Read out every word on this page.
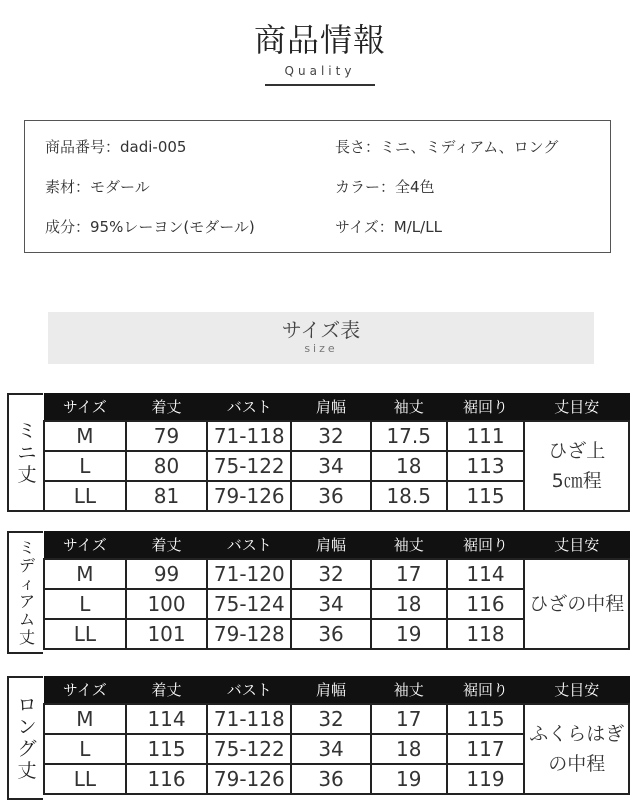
商品情報
Quality
商品番号：dadi-005	長さ：ミニ、ミディアム、ロング
素材：モダール	カラー：全4色
成分：95%レーヨン(モダール)	サイズ：M/L/LL
サイズ表
size
ミ
ニ
丈
サイズ	着丈	バスト	肩幅	袖丈	裾回り	丈目安
M	79	71-118	32	17.5	111	ひざ上
5㎝程

L	80	75-122	34	18	113	
LL	81	79-126	36	18.5	115	
ミ
デ
ィ
ア
ム
丈
サイズ	着丈	バスト	肩幅	袖丈	裾回り	丈目安
M	99	71-120	32	17	114	ひざの中程

L	100	75-124	34	18	116	
LL	101	79-128	36	19	118	
ロ
ン
グ
丈
サイズ	着丈	バスト	肩幅	袖丈	裾回り	丈目安
M	114	71-118	32	17	115	ふくらはぎ
の中程

L	115	75-122	34	18	117	
LL	116	79-126	36	19	119	
